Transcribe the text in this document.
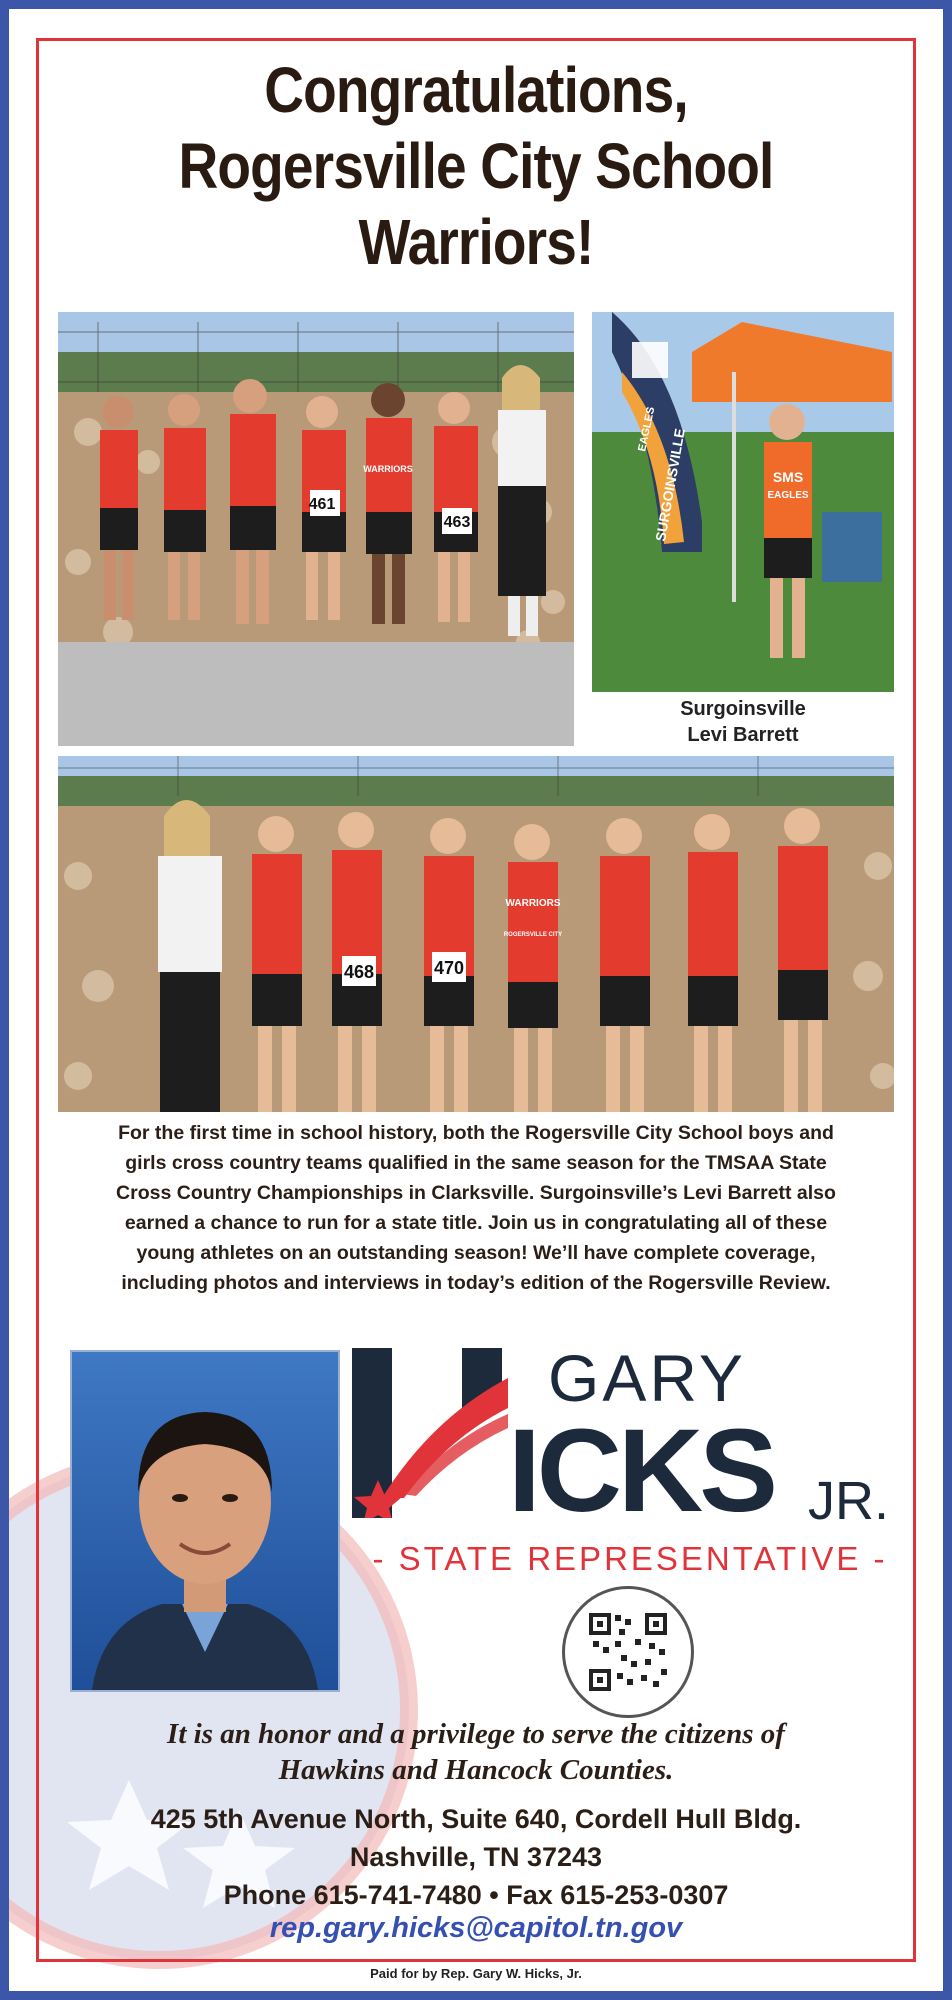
Congratulations,
Rogersville City School
Warriors!
461
463
WARRIORS	SURGOINSVILLE
EAGLES
SMS
EAGLES
Surgoinsville
Levi Barrett
468	470
WARRIORS
ROGERSVILLE CITY
For the first time in school history, both the Rogersville City School boys and
girls cross country teams qualified in the same season for the TMSAA State
Cross Country Championships in Clarksville. Surgoinsville’s Levi Barrett also
earned a chance to run for a state title. Join us in congratulating all of these
young athletes on an outstanding season! We’ll have complete coverage,
including photos and interviews in today’s edition of the Rogersville Review.
GARY
ICKS JR.
- STATE REPRESENTATIVE -
It is an honor and a privilege to serve the citizens of
Hawkins and Hancock Counties.
425 5th Avenue North, Suite 640, Cordell Hull Bldg.
Nashville, TN 37243
Phone 615-741-7480 • Fax 615-253-0307
rep.gary.hicks@capitol.tn.gov
Paid for by Rep. Gary W. Hicks, Jr.
